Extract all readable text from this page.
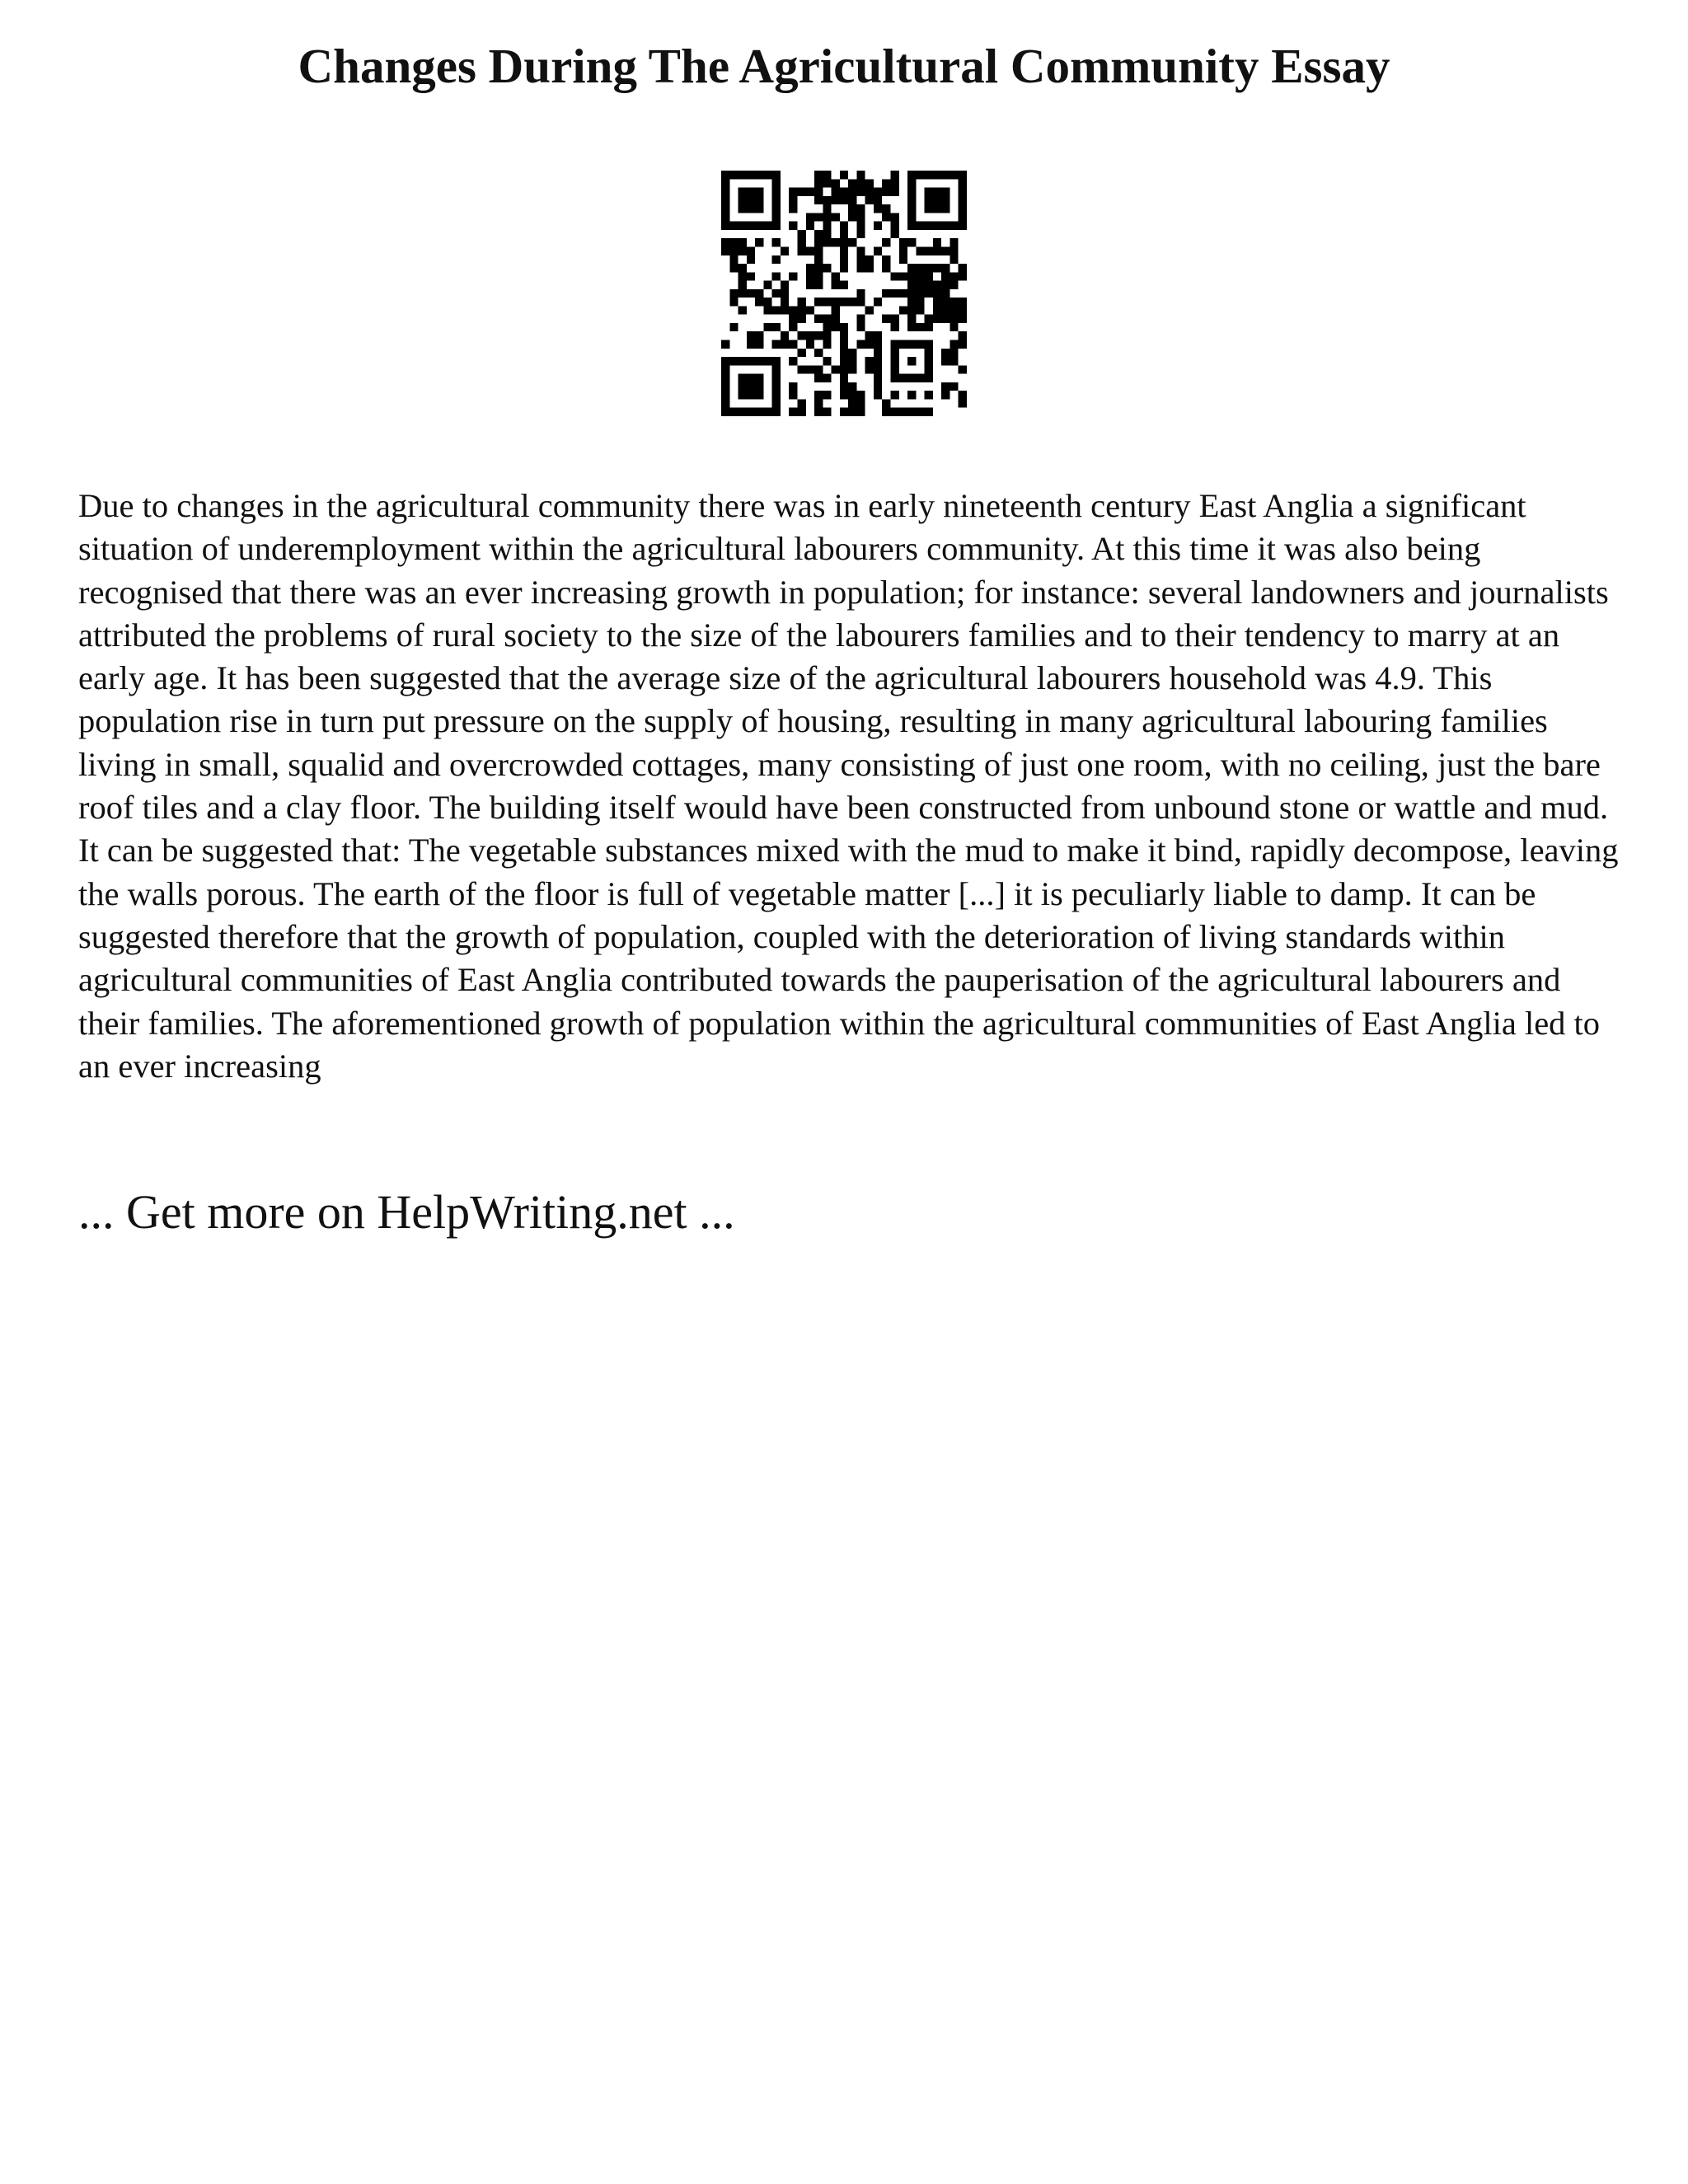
Changes During The Agricultural Community Essay

Due to changes in the agricultural community there was in early nineteenth century East Anglia a significant situation of underemployment within the agricultural labourers community. At this time it was also being recognised that there was an ever increasing growth in population; for instance: several landowners and journalists attributed the problems of rural society to the size of the labourers families and to their tendency to marry at an early age. It has been suggested that the average size of the agricultural labourers household was 4.9. This population rise in turn put pressure on the supply of housing, resulting in many agricultural labouring families living in small, squalid and overcrowded cottages, many consisting of just one room, with no ceiling, just the bare roof tiles and a clay floor. The building itself would have been constructed from unbound stone or wattle and mud. It can be suggested that: The vegetable substances mixed with the mud to make it bind, rapidly decompose, leaving the walls porous. The earth of the floor is full of vegetable matter [...] it is peculiarly liable to damp. It can be suggested therefore that the growth of population, coupled with the deterioration of living standards within agricultural communities of East Anglia contributed towards the pauperisation of the agricultural labourers and their families. The aforementioned growth of population within the agricultural communities of East Anglia led to an ever increasing

... Get more on HelpWriting.net ...
